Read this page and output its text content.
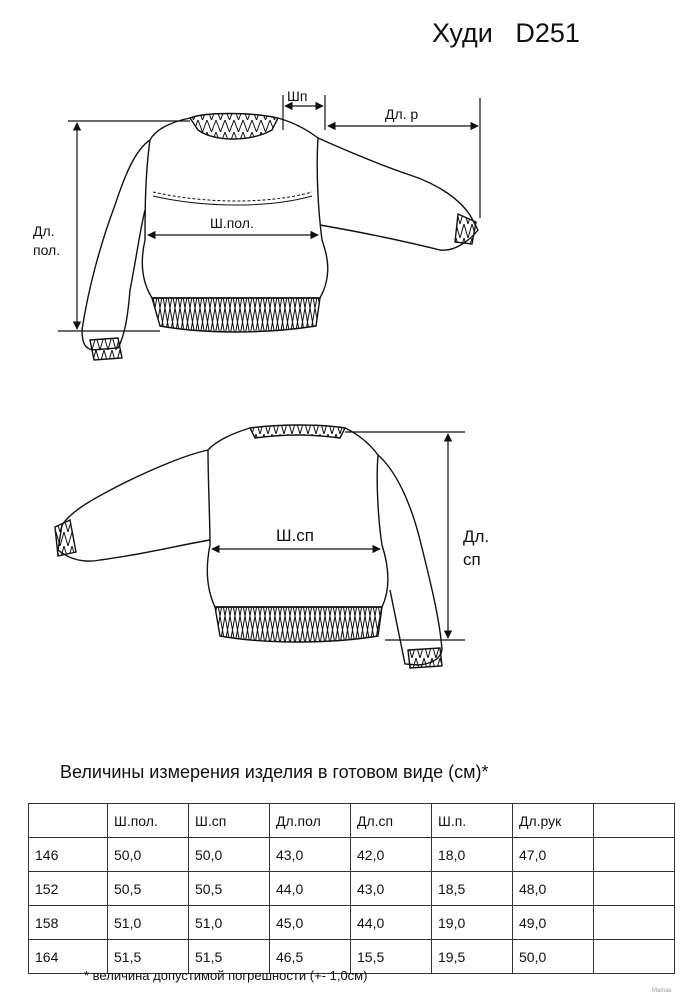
Худи   D251
Шп
Дл. р
Дл.
пол.
Ш.пол.
Ш.сп	Дл.
сп
Величины измерения изделия в готовом виде (см)*
	Ш.пол.	Ш.сп	Дл.пол	Дл.сп	Ш.п.	Дл.рук	
146	50,0	50,0	43,0	42,0	18,0	47,0	
152	50,5	50,5	44,0	43,0	18,5	48,0	
158	51,0	51,0	45,0	44,0	19,0	49,0	
164	51,5	51,5	46,5	15,5	19,5	50,0	
* величина допустимой погрешности (+- 1,0см)
Mamas
